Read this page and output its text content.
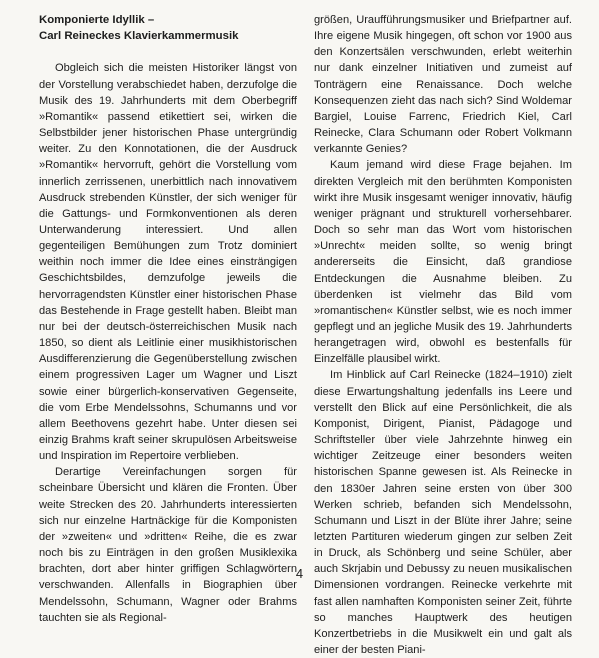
Komponierte Idyllik –
Carl Reineckes Klavierkammermusik

Obgleich sich die meisten Historiker längst von der Vorstellung verabschiedet haben, derzufolge die Musik des 19. Jahrhunderts mit dem Oberbegriff »Romantik« passend etikettiert sei, wirken die Selbstbilder jener historischen Phase untergründig weiter. Zu den Konnotationen, die der Ausdruck »Romantik« hervorruft, gehört die Vorstellung vom innerlich zerrissenen, unerbittlich nach innovativem Ausdruck strebenden Künstler, der sich weniger für die Gattungs- und Formkonventionen als deren Unterwanderung interessiert. Und allen gegenteiligen Bemühungen zum Trotz dominiert weithin noch immer die Idee eines einsträngigen Geschichtsbildes, demzufolge jeweils die hervorragendsten Künstler einer historischen Phase das Bestehende in Frage gestellt haben. Bleibt man nur bei der deutsch-österreichischen Musik nach 1850, so dient als Leitlinie einer musikhistorischen Ausdifferenzierung die Gegenüberstellung zwischen einem progressiven Lager um Wagner und Liszt sowie einer bürgerlich-konservativen Gegenseite, die vom Erbe Mendelssohns, Schumanns und vor allem Beethovens gezehrt habe. Unter diesen sei einzig Brahms kraft seiner skrupulösen Arbeitsweise und Inspiration im Repertoire verblieben.

Derartige Vereinfachungen sorgen für scheinbare Übersicht und klären die Fronten. Über weite Strecken des 20. Jahrhunderts interessierten sich nur einzelne Hartnäckige für die Komponisten der »zweiten« und »dritten« Reihe, die es zwar noch bis zu Einträgen in den großen Musiklexika brachten, dort aber hinter griffigen Schlagwörtern verschwanden. Allenfalls in Biographien über Mendelssohn, Schumann, Wagner oder Brahms tauchten sie als Regional-

größen, Uraufführungsmusiker und Briefpartner auf. Ihre eigene Musik hingegen, oft schon vor 1900 aus den Konzertsälen verschwunden, erlebt weiterhin nur dank einzelner Initiativen und zumeist auf Tonträgern eine Renaissance. Doch welche Konsequenzen zieht das nach sich? Sind Woldemar Bargiel, Louise Farrenc, Friedrich Kiel, Carl Reinecke, Clara Schumann oder Robert Volkmann verkannte Genies?

Kaum jemand wird diese Frage bejahen. Im direkten Vergleich mit den berühmten Komponisten wirkt ihre Musik insgesamt weniger innovativ, häufig weniger prägnant und strukturell vorhersehbarer. Doch so sehr man das Wort vom historischen »Unrecht« meiden sollte, so wenig bringt andererseits die Einsicht, daß grandiose Entdeckungen die Ausnahme bleiben. Zu überdenken ist vielmehr das Bild vom »romantischen« Künstler selbst, wie es noch immer gepflegt und an jegliche Musik des 19. Jahrhunderts herangetragen wird, obwohl es bestenfalls für Einzelfälle plausibel wirkt.

Im Hinblick auf Carl Reinecke (1824–1910) zielt diese Erwartungshaltung jedenfalls ins Leere und verstellt den Blick auf eine Persönlichkeit, die als Komponist, Dirigent, Pianist, Pädagoge und Schriftsteller über viele Jahrzehnte hinweg ein wichtiger Zeitzeuge einer besonders weiten historischen Spanne gewesen ist. Als Reinecke in den 1830er Jahren seine ersten von über 300 Werken schrieb, befanden sich Mendelssohn, Schumann und Liszt in der Blüte ihrer Jahre; seine letzten Partituren wiederum gingen zur selben Zeit in Druck, als Schönberg und seine Schüler, aber auch Skrjabin und Debussy zu neuen musikalischen Dimensionen vordrangen. Reinecke verkehrte mit fast allen namhaften Komponisten seiner Zeit, führte so manches Hauptwerk des heutigen Konzertbetriebs in die Musikwelt ein und galt als einer der besten Piani-

4
